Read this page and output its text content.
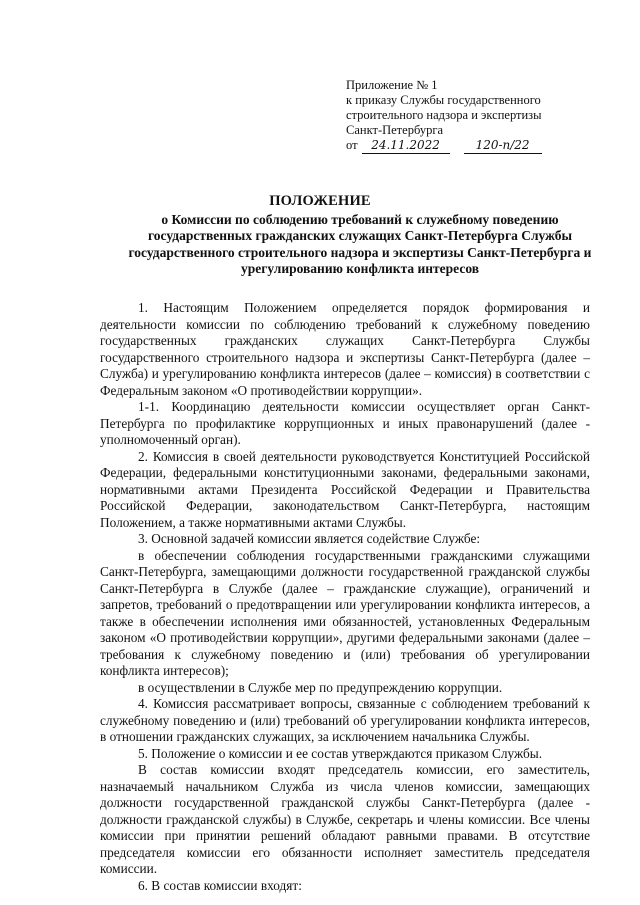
Приложение № 1
к приказу Службы государственного
строительного надзора и экспертизы
Санкт-Петербурга
от 24.11.2022	120-п/22
ПОЛОЖЕНИЕ
о Комиссии по соблюдению требований к служебному поведению государственных гражданских служащих Санкт-Петербурга Службы государственного строительного надзора и экспертизы Санкт-Петербурга и урегулированию конфликта интересов

1. Настоящим Положением определяется порядок формирования и деятельности комиссии по соблюдению требований к служебному поведению государственных гражданских служащих Санкт-Петербурга Службы государственного строительного надзора и экспертизы Санкт-Петербурга (далее – Служба) и урегулированию конфликта интересов (далее – комиссия) в соответствии с Федеральным законом «О противодействии коррупции».

1-1. Координацию деятельности комиссии осуществляет орган Санкт-Петербурга по профилактике коррупционных и иных правонарушений (далее - уполномоченный орган).

2. Комиссия в своей деятельности руководствуется Конституцией Российской Федерации, федеральными конституционными законами, федеральными законами, нормативными актами Президента Российской Федерации и Правительства Российской Федерации, законодательством Санкт-Петербурга, настоящим Положением, а также нормативными актами Службы.

3. Основной задачей комиссии является содействие Службе:

в обеспечении соблюдения государственными гражданскими служащими Санкт-Петербурга, замещающими должности государственной гражданской службы Санкт-Петербурга в Службе (далее – гражданские служащие), ограничений и запретов, требований о предотвращении или урегулировании конфликта интересов, а также в обеспечении исполнения ими обязанностей, установленных Федеральным законом «О противодействии коррупции», другими федеральными законами (далее – требования к служебному поведению и (или) требования об урегулировании конфликта интересов);

в осуществлении в Службе мер по предупреждению коррупции.

4. Комиссия рассматривает вопросы, связанные с соблюдением требований к служебному поведению и (или) требований об урегулировании конфликта интересов, в отношении гражданских служащих, за исключением начальника Службы.

5. Положение о комиссии и ее состав утверждаются приказом Службы.

В состав комиссии входят председатель комиссии, его заместитель, назначаемый начальником Служба из числа членов комиссии, замещающих должности государственной гражданской службы Санкт-Петербурга (далее - должности гражданской службы) в Службе, секретарь и члены комиссии. Все члены комиссии при принятии решений обладают равными правами. В отсутствие председателя комиссии его обязанности исполняет заместитель председателя комиссии.

6. В состав комиссии входят:
